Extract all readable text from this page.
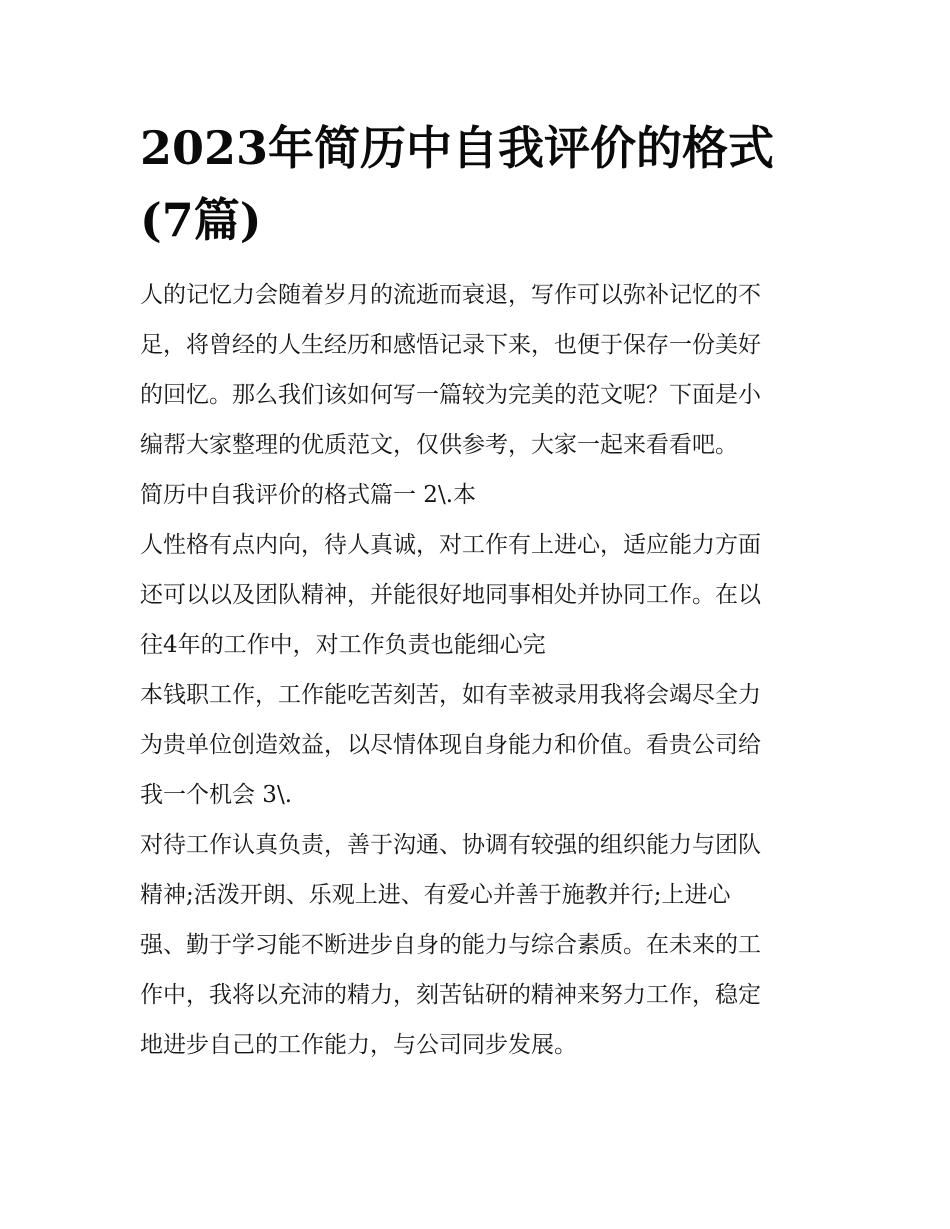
2023年简历中自我评价的格式
(7篇)

人的记忆力会随着岁月的流逝而衰退，写作可以弥补记忆的不
足，将曾经的人生经历和感悟记录下来，也便于保存一份美好
的回忆。那么我们该如何写一篇较为完美的范文呢？下面是小
编帮大家整理的优质范文，仅供参考，大家一起来看看吧。

简历中自我评价的格式篇一 2\.本

人性格有点内向，待人真诚，对工作有上进心，适应能力方面
还可以以及团队精神，并能很好地同事相处并协同工作。在以
往4年的工作中，对工作负责也能细心完

本钱职工作，工作能吃苦刻苦，如有幸被录用我将会竭尽全力
为贵单位创造效益，以尽情体现自身能力和价值。看贵公司给
我一个机会 3\.

对待工作认真负责，善于沟通、协调有较强的组织能力与团队
精神;活泼开朗、乐观上进、有爱心并善于施教并行;上进心

强、勤于学习能不断进步自身的能力与综合素质。在未来的工
作中，我将以充沛的精力，刻苦钻研的精神来努力工作，稳定
地进步自己的工作能力，与公司同步发展。
